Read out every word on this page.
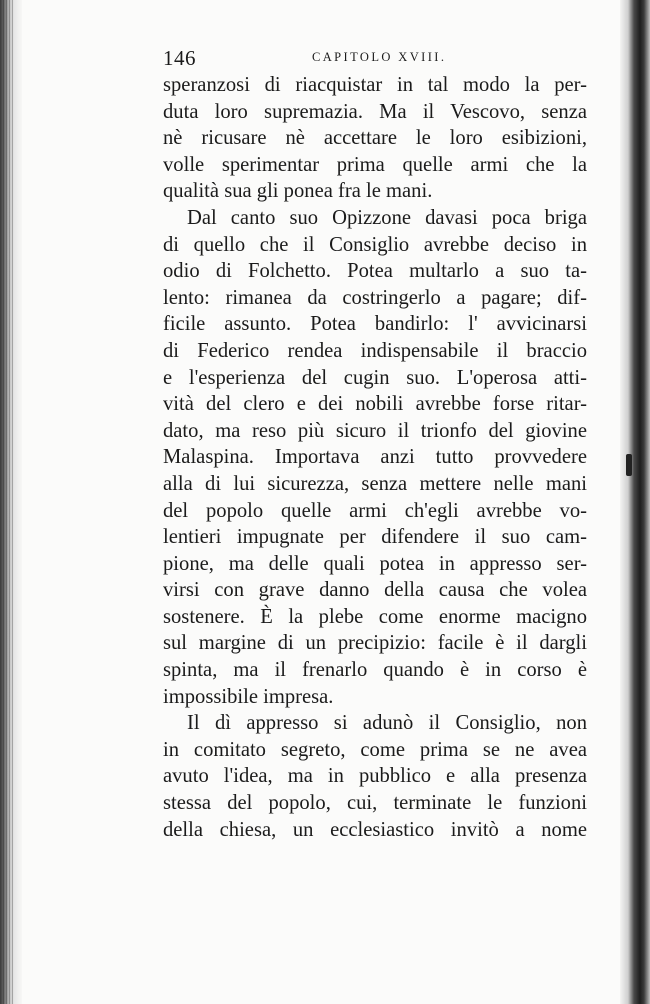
146	CAPITOLO XVIII.
speranzosi di riacquistar in tal modo la per-
duta loro supremazia. Ma il Vescovo, senza
nè ricusare nè accettare le loro esibizioni,
volle sperimentar prima quelle armi che la
qualità sua gli ponea fra le mani.
Dal canto suo Opizzone davasi poca briga
di quello che il Consiglio avrebbe deciso in
odio di Folchetto. Potea multarlo a suo ta-
lento: rimanea da costringerlo a pagare; dif-
ficile assunto. Potea bandirlo: l' avvicinarsi
di Federico rendea indispensabile il braccio
e l'esperienza del cugin suo. L'operosa atti-
vità del clero e dei nobili avrebbe forse ritar-
dato, ma reso più sicuro il trionfo del giovine
Malaspina. Importava anzi tutto provvedere
alla di lui sicurezza, senza mettere nelle mani
del popolo quelle armi ch'egli avrebbe vo-
lentieri impugnate per difendere il suo cam-
pione, ma delle quali potea in appresso ser-
virsi con grave danno della causa che volea
sostenere. È la plebe come enorme macigno
sul margine di un precipizio: facile è il dargli
spinta, ma il frenarlo quando è in corso è
impossibile impresa.
Il dì appresso si adunò il Consiglio, non
in comitato segreto, come prima se ne avea
avuto l'idea, ma in pubblico e alla presenza
stessa del popolo, cui, terminate le funzioni
della chiesa, un ecclesiastico invitò a nome
